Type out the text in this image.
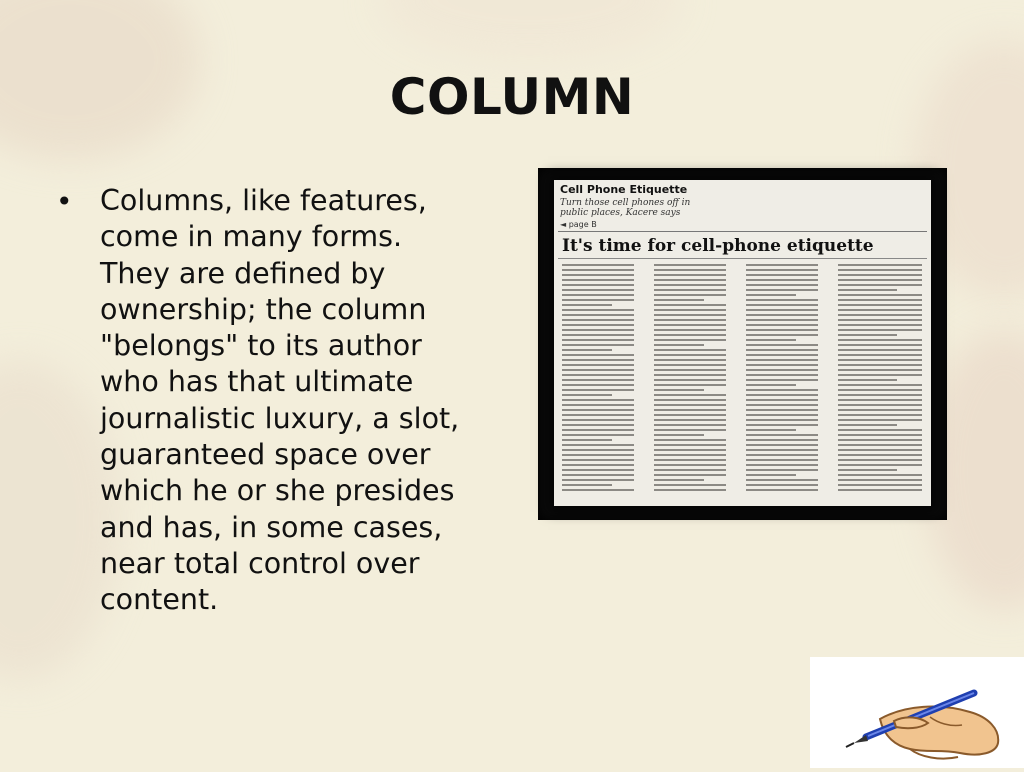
COLUMN
• Columns, like features, come in many forms. They are defined by ownership; the column "belongs" to its author who has that ultimate journalistic luxury, a slot, guaranteed space over which he or she presides and has, in some cases, near total control over content.
Cell Phone Etiquette
Turn those cell phones off in public places, Kacere says
◄ page B
It's time for cell-phone etiquette
